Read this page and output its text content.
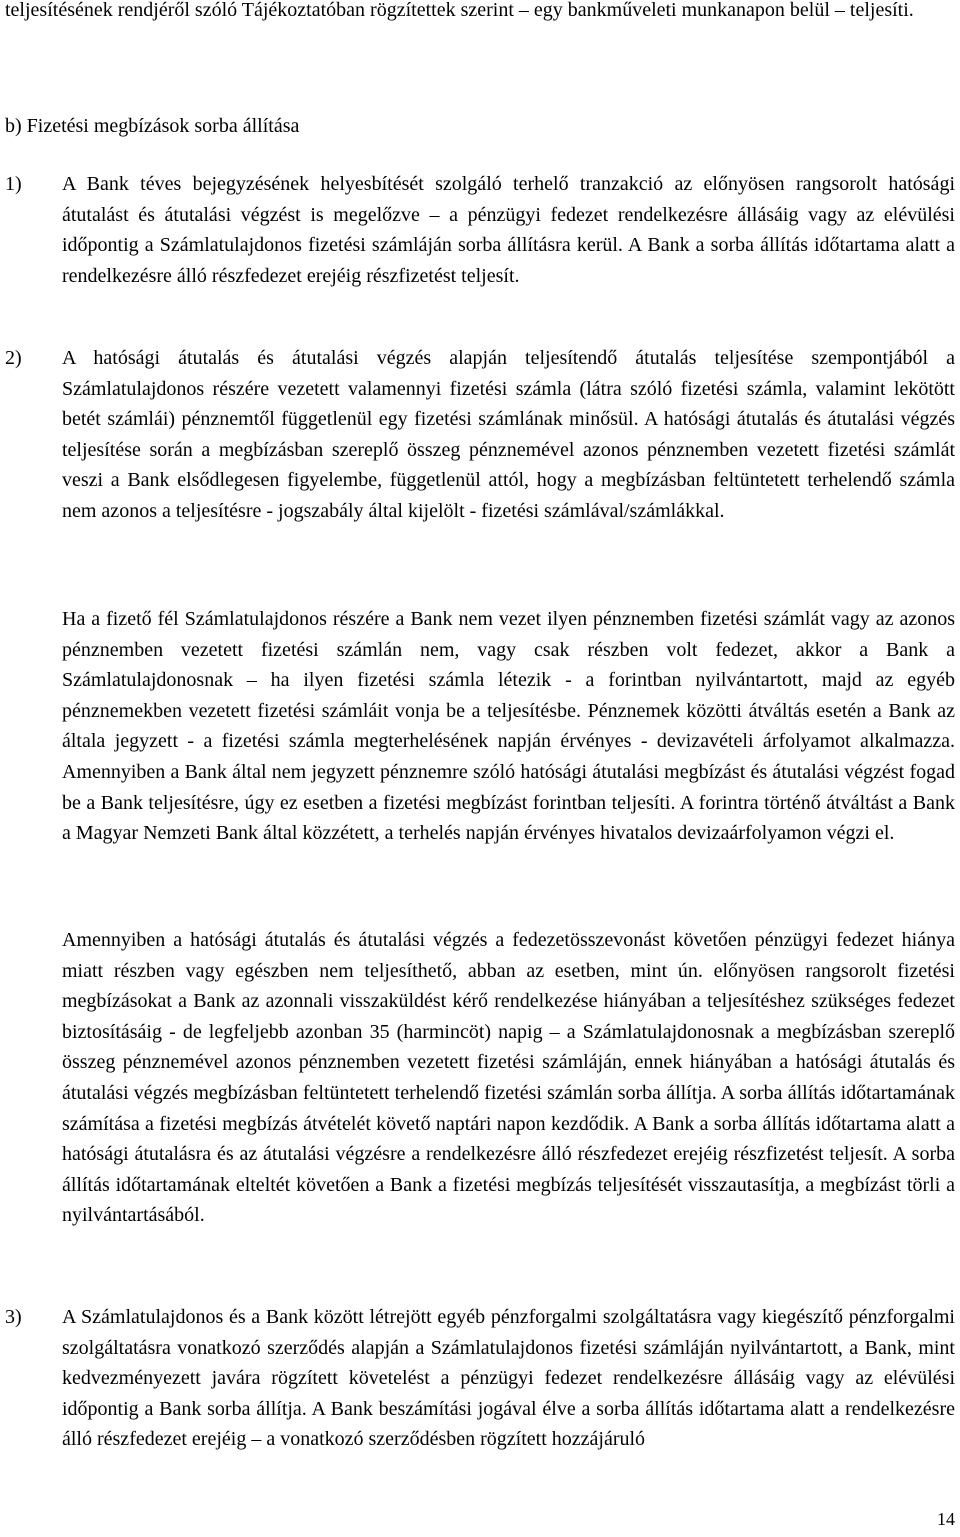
teljesítésének rendjéről szóló Tájékoztatóban rögzítettek szerint – egy bankműveleti munkanapon belül – teljesíti.

b) Fizetési megbízások sorba állítása
1) A Bank téves bejegyzésének helyesbítését szolgáló terhelő tranzakció az előnyösen rangsorolt hatósági átutalást és átutalási végzést is megelőzve – a pénzügyi fedezet rendelkezésre állásáig vagy az elévülési időpontig a Számlatulajdonos fizetési számláján sorba állításra kerül. A Bank a sorba állítás időtartama alatt a rendelkezésre álló részfedezet erejéig részfizetést teljesít.
2) A hatósági átutalás és átutalási végzés alapján teljesítendő átutalás teljesítése szempontjából a Számlatulajdonos részére vezetett valamennyi fizetési számla (látra szóló fizetési számla, valamint lekötött betét számlái) pénznemtől függetlenül egy fizetési számlának minősül. A hatósági átutalás és átutalási végzés teljesítése során a megbízásban szereplő összeg pénznemével azonos pénznemben vezetett fizetési számlát veszi a Bank elsődlegesen figyelembe, függetlenül attól, hogy a megbízásban feltüntetett terhelendő számla nem azonos a teljesítésre - jogszabály által kijelölt - fizetési számlával/számlákkal.

Ha a fizető fél Számlatulajdonos részére a Bank nem vezet ilyen pénznemben fizetési számlát vagy az azonos pénznemben vezetett fizetési számlán nem, vagy csak részben volt fedezet, akkor a Bank a Számlatulajdonosnak – ha ilyen fizetési számla létezik - a forintban nyilvántartott, majd az egyéb pénznemekben vezetett fizetési számláit vonja be a teljesítésbe. Pénznemek közötti átváltás esetén a Bank az általa jegyzett - a fizetési számla megterhelésének napján érvényes - devizavételi árfolyamot alkalmazza. Amennyiben a Bank által nem jegyzett pénznemre szóló hatósági átutalási megbízást és átutalási végzést fogad be a Bank teljesítésre, úgy ez esetben a fizetési megbízást forintban teljesíti. A forintra történő átváltást a Bank a Magyar Nemzeti Bank által közzétett, a terhelés napján érvényes hivatalos devizaárfolyamon végzi el.

Amennyiben a hatósági átutalás és átutalási végzés a fedezetösszevonást követően pénzügyi fedezet hiánya miatt részben vagy egészben nem teljesíthető, abban az esetben, mint ún. előnyösen rangsorolt fizetési megbízásokat a Bank az azonnali visszaküldést kérő rendelkezése hiányában a teljesítéshez szükséges fedezet biztosításáig - de legfeljebb azonban 35 (harmincöt) napig – a Számlatulajdonosnak a megbízásban szereplő összeg pénznemével azonos pénznemben vezetett fizetési számláján, ennek hiányában a hatósági átutalás és átutalási végzés megbízásban feltüntetett terhelendő fizetési számlán sorba állítja. A sorba állítás időtartamának számítása a fizetési megbízás átvételét követő naptári napon kezdődik. A Bank a sorba állítás időtartama alatt a hatósági átutalásra és az átutalási végzésre a rendelkezésre álló részfedezet erejéig részfizetést teljesít. A sorba állítás időtartamának elteltét követően a Bank a fizetési megbízás teljesítését visszautasítja, a megbízást törli a nyilvántartásából.

3) A Számlatulajdonos és a Bank között létrejött egyéb pénzforgalmi szolgáltatásra vagy kiegészítő pénzforgalmi szolgáltatásra vonatkozó szerződés alapján a Számlatulajdonos fizetési számláján nyilvántartott, a Bank, mint kedvezményezett javára rögzített követelést a pénzügyi fedezet rendelkezésre állásáig vagy az elévülési időpontig a Bank sorba állítja. A Bank beszámítási jogával élve a sorba állítás időtartama alatt a rendelkezésre álló részfedezet erejéig – a vonatkozó szerződésben rögzített hozzájáruló
14
